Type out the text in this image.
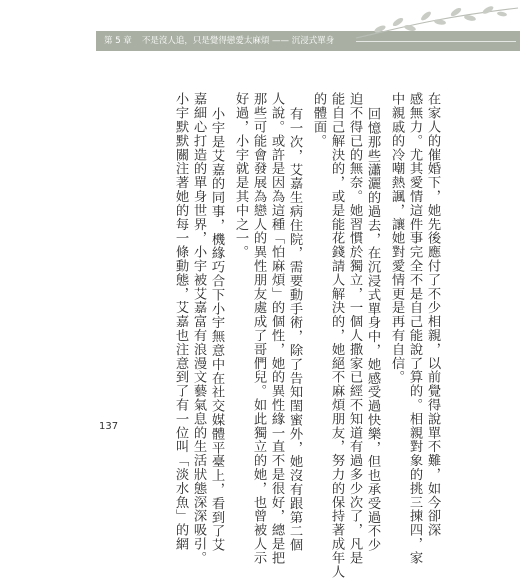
第 5 章 不是沒人追，只是覺得戀愛太麻煩 —— 沉浸式單身
在家人的催婚下，她先後應付了不少相親，以前覺得說單不難，如今卻深
感無力。尤其愛情這件事完全不是自己能說了算的。相親對象的挑三揀四，家
中親戚的冷嘲熱諷，讓她對愛情更是再有自信。
回憶那些瀟灑的過去，在沉浸式單身中，她感受過快樂，但也承受過不少
迫不得已的無奈。她習慣於獨立，一個人撒家已經不知道有過多少次了，凡是
能自己解決的，或是能花錢請人解決的，她絕不麻煩朋友，努力的保持著成年人
的體面。
有一次，艾嘉生病住院，需要動手術，除了告知閨蜜外，她沒有跟第二個
人說。或許是因為這種「怕麻煩」的個性，她的異性緣一直不是很好，總是把
那些可能會發展為戀人的異性朋友處成了哥們兒。如此獨立的她，也曾被人示
好過，小宇就是其中之一。
小宇是艾嘉的同事，機緣巧合下小宇無意中在社交媒體平臺上，看到了艾
嘉細心打造的單身世界，小宇被艾嘉富有浪漫文藝氣息的生活狀態深深吸引。
小宇默默關注著她的每一條動態，艾嘉也注意到了有一位叫「淡水魚」的網
137
